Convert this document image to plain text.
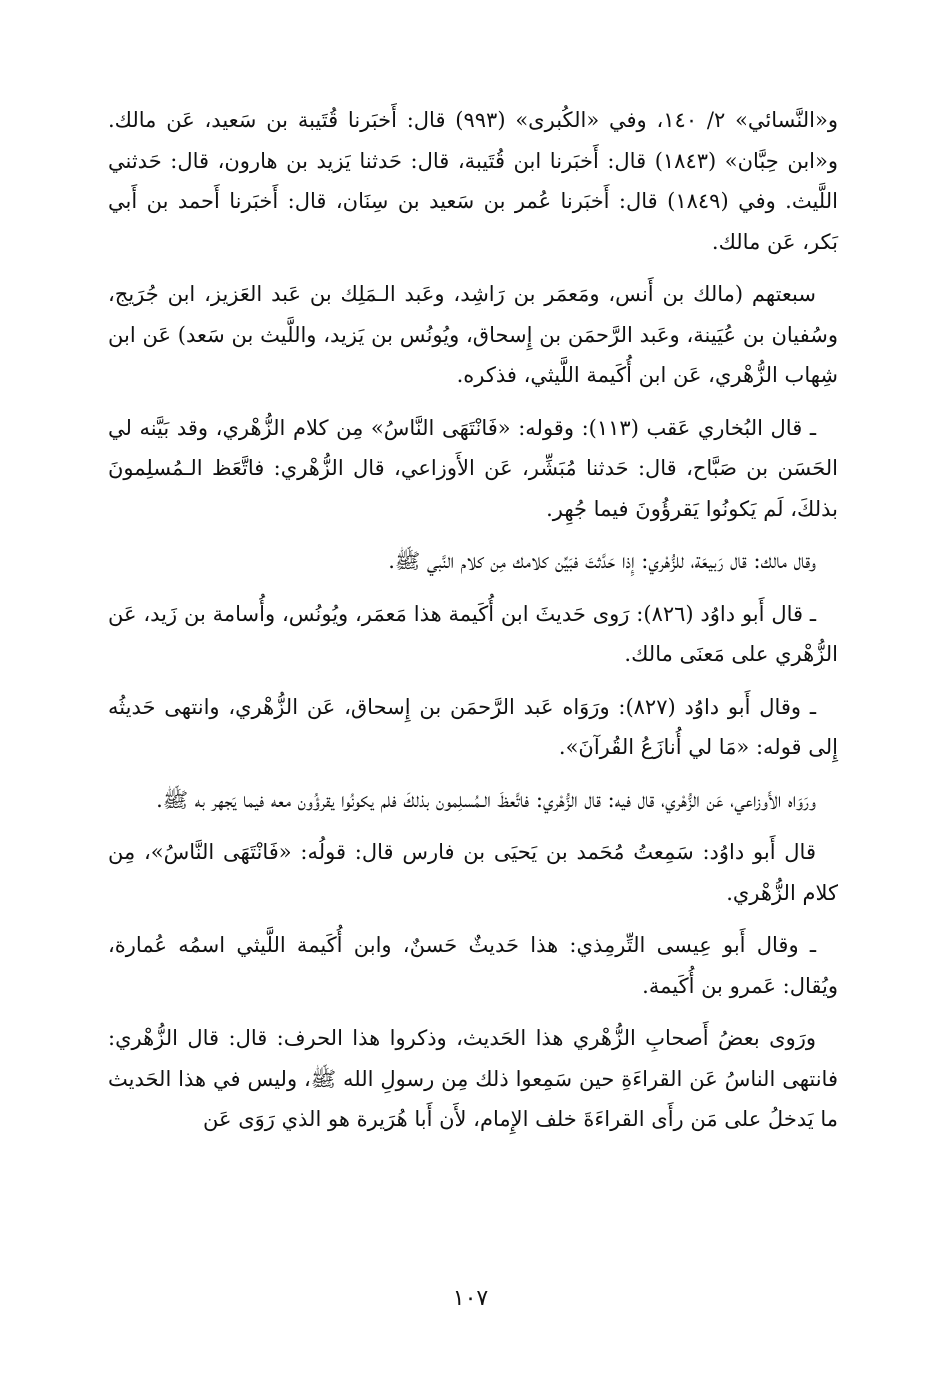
و«النَّسائي» ٢/ ١٤٠، وفي «الكُبرى» (٩٩٣) قال: أَخبَرنا قُتَيبة بن سَعيد، عَن مالك. و«ابن حِبَّان» (١٨٤٣) قال: أَخبَرنا ابن قُتَيبة، قال: حَدثنا يَزيد بن هارون، قال: حَدثني اللَّيث. وفي (١٨٤٩) قال: أَخبَرنا عُمر بن سَعيد بن سِنَان، قال: أَخبَرنا أَحمد بن أَبي بَكر، عَن مالك.

سبعتهم (مالك بن أَنس، ومَعمَر بن رَاشِد، وعَبد الـمَلِك بن عَبد العَزيز، ابن جُرَيج، وسُفيان بن عُيَينة، وعَبد الرَّحمَن بن إِسحاق، ويُونُس بن يَزيد، واللَّيث بن سَعد) عَن ابن شِهاب الزُّهْري، عَن ابن أُكَيمة اللَّيثي، فذكره.

ـ قال البُخاري عَقب (١١٣): وقوله: «فَانْتَهَى النَّاسُ» مِن كلام الزُّهْري، وقد بَيَّنه لي الحَسَن بن صَبَّاح، قال: حَدثنا مُبَشِّر، عَن الأَوزاعي، قال الزُّهْري: فاتَّعَظ الـمُسلِمونَ بذلكَ، لَم يَكونُوا يَقرؤُونَ فيما جُهِر.

وقال مالك: قال رَبيعَة، للزُّهْري: إِذا حَدَّثتَ فبَيِّن كلامك مِن كلام النَّبي ﷺ.

ـ قال أَبو داوُد (٨٢٦): رَوى حَديثَ ابن أُكَيمة هذا مَعمَر، ويُونُس، وأُسامة بن زَيد، عَن الزُّهْري على مَعنَى مالك.

ـ وقال أَبو داوُد (٨٢٧): ورَوَاه عَبد الرَّحمَن بن إِسحاق، عَن الزُّهْري، وانتهى حَديثُه إِلى قوله: «مَا لي أُنازَعُ القُرآنَ».

ورَوَاه الأَوزاعي، عَن الزُّهْري، قال فيه: قال الزُّهْري: فاتَّعظَ الـمُسلِمون بذلكَ فلم يكونُوا يقرؤُون معه فيما يَجهر به ﷺ.

قال أَبو داوُد: سَمِعتُ مُحَمد بن يَحيَى بن فارس قال: قولُه: «فَانْتَهَى النَّاسُ»، مِن كلام الزُّهْري.

ـ وقال أَبو عِيسى التِّرمِذي: هذا حَديثٌ حَسنٌ، وابن أُكَيمة اللَّيثي اسمُه عُمارة، ويُقال: عَمرو بن أُكَيمة.

ورَوى بعضُ أَصحابِ الزُّهْري هذا الحَديث، وذكروا هذا الحرف: قال: قال الزُّهْري: فانتهى الناسُ عَن القراءَةِ حين سَمِعوا ذلك مِن رسولِ الله ﷺ، وليس في هذا الحَديث ما يَدخلُ على مَن رأَى القراءَةَ خلف الإِمام، لأَن أَبا هُرَيرة هو الذي رَوَى عَن

١٠٧
